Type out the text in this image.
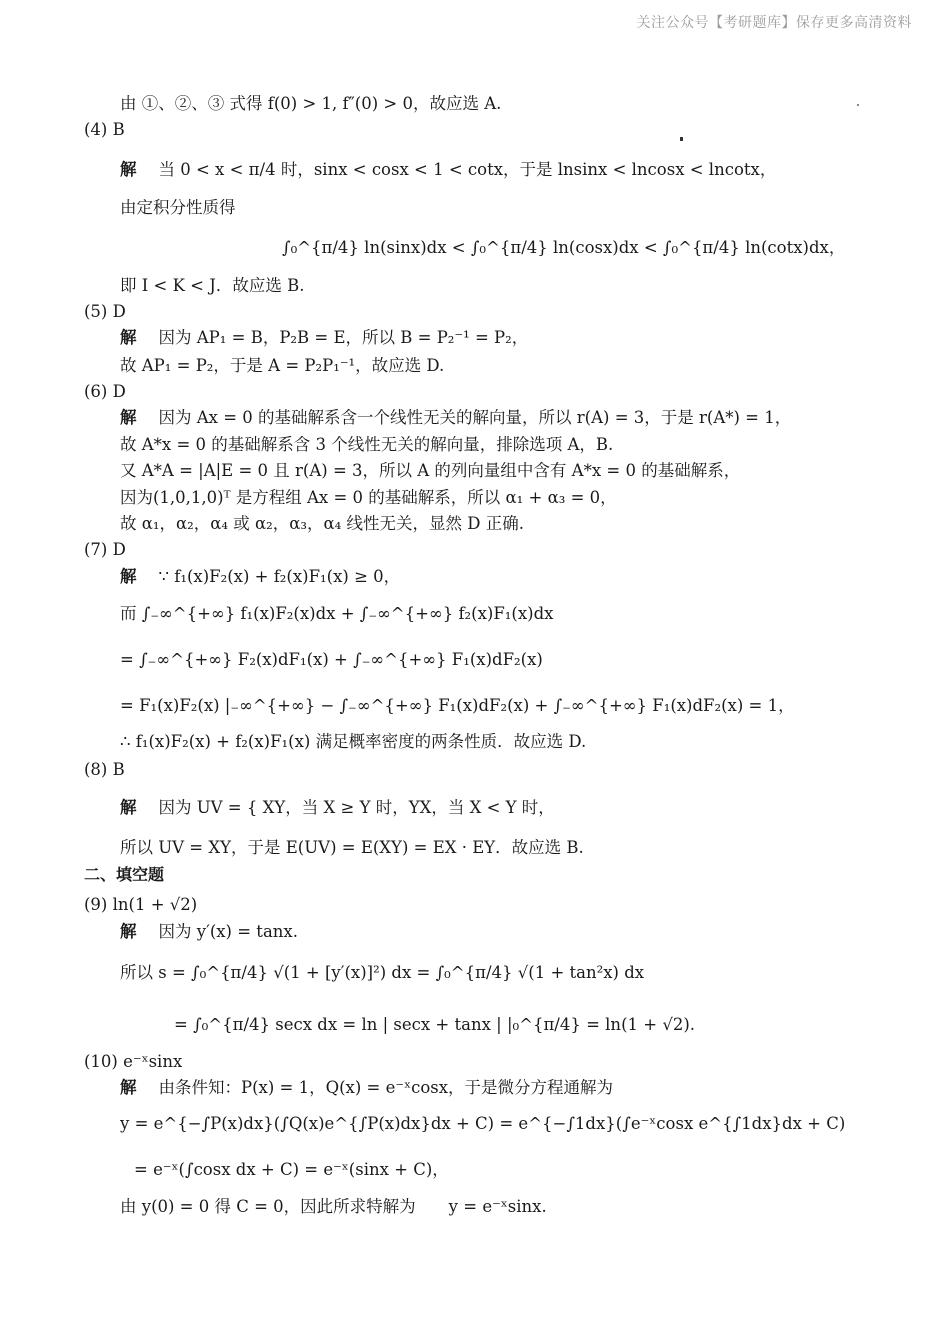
关注公众号【考研题库】保存更多高清资料
由 ①、②、③ 式得 f(0) > 1, f″(0) > 0，故应选 A.
(4) B
解 当 0 < x < π/4 时，sinx < cosx < 1 < cotx，于是 lnsinx < lncosx < lncotx，
由定积分性质得
∫₀^{π/4} ln(sinx)dx < ∫₀^{π/4} ln(cosx)dx < ∫₀^{π/4} ln(cotx)dx，
即 I < K < J．故应选 B.
(5) D
解 因为 AP₁ = B，P₂B = E，所以 B = P₂⁻¹ = P₂，
故 AP₁ = P₂，于是 A = P₂P₁⁻¹，故应选 D.
(6) D
解 因为 Ax = 0 的基础解系含一个线性无关的解向量，所以 r(A) = 3，于是 r(A*) = 1，
故 A*x = 0 的基础解系含 3 个线性无关的解向量，排除选项 A，B.
又 A*A = |A|E = 0 且 r(A) = 3，所以 A 的列向量组中含有 A*x = 0 的基础解系，
因为(1,0,1,0)ᵀ 是方程组 Ax = 0 的基础解系，所以 α₁ + α₃ = 0，
故 α₁，α₂，α₄ 或 α₂，α₃，α₄ 线性无关，显然 D 正确.
(7) D
解 ∵ f₁(x)F₂(x) + f₂(x)F₁(x) ≥ 0，
而 ∫₋∞^{+∞} f₁(x)F₂(x)dx + ∫₋∞^{+∞} f₂(x)F₁(x)dx
= ∫₋∞^{+∞} F₂(x)dF₁(x) + ∫₋∞^{+∞} F₁(x)dF₂(x)
= F₁(x)F₂(x) |₋∞^{+∞} − ∫₋∞^{+∞} F₁(x)dF₂(x) + ∫₋∞^{+∞} F₁(x)dF₂(x) = 1，
∴ f₁(x)F₂(x) + f₂(x)F₁(x) 满足概率密度的两条性质．故应选 D.
(8) B
解 因为 UV = { XY，当 X ≥ Y 时，YX，当 X < Y 时，
所以 UV = XY，于是 E(UV) = E(XY) = EX · EY．故应选 B.
二、填空题
(9) ln(1 + √2)
解 因为 y′(x) = tanx.
所以 s = ∫₀^{π/4} √(1 + [y′(x)]²) dx = ∫₀^{π/4} √(1 + tan²x) dx
= ∫₀^{π/4} secx dx = ln | secx + tanx | |₀^{π/4} = ln(1 + √2).
(10) e⁻ˣsinx
解 由条件知：P(x) = 1，Q(x) = e⁻ˣcosx，于是微分方程通解为
y = e^{−∫P(x)dx}(∫Q(x)e^{∫P(x)dx}dx + C) = e^{−∫1dx}(∫e⁻ˣcosx e^{∫1dx}dx + C)
= e⁻ˣ(∫cosx dx + C) = e⁻ˣ(sinx + C)，
由 y(0) = 0 得 C = 0，因此所求特解为　　y = e⁻ˣsinx.
